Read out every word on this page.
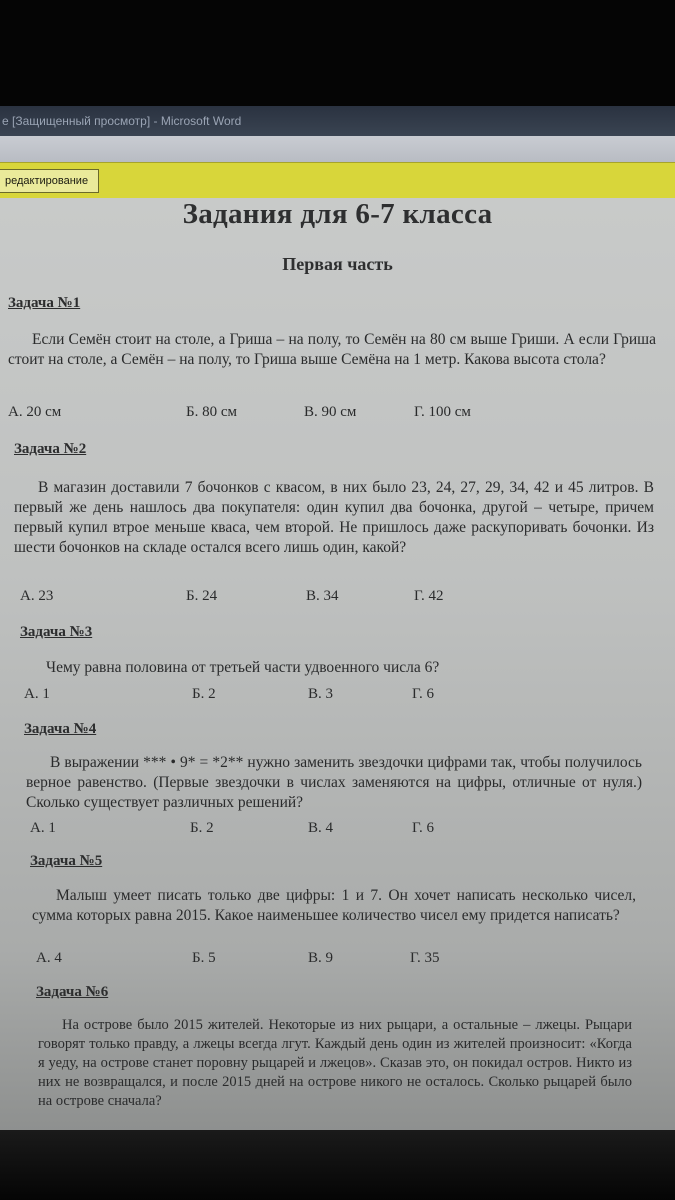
e [Защищенный просмотр] - Microsoft Word
редактирование
Задания для 6-7 класса
Первая часть
Задача №1
Если Семён стоит на столе, а Гриша – на полу, то Семён на 80 см выше Гриши. А если Гриша стоит на столе, а Семён – на полу, то Гриша выше Семёна на 1 метр. Какова высота стола?
А. 20 см	Б. 80 см	В. 90 см	Г. 100 см
Задача №2
В магазин доставили 7 бочонков с квасом, в них было 23, 24, 27, 29, 34, 42 и 45 литров. В первый же день нашлось два покупателя: один купил два бочонка, другой – четыре, причем первый купил втрое меньше кваса, чем второй. Не пришлось даже раскупоривать бочонки. Из шести бочонков на складе остался всего лишь один, какой?
А. 23	Б. 24	В. 34	Г. 42
Задача №3
Чему равна половина от третьей части удвоенного числа 6?
А. 1	Б. 2	В. 3	Г. 6
Задача №4
В выражении *** • 9* = *2** нужно заменить звездочки цифрами так, чтобы получилось верное равенство. (Первые звездочки в числах заменяются на цифры, отличные от нуля.) Сколько существует различных решений?
А. 1	Б. 2	В. 4	Г. 6
Задача №5
Малыш умеет писать только две цифры: 1 и 7. Он хочет написать несколько чисел, сумма которых равна 2015. Какое наименьшее количество чисел ему придется написать?
А. 4	Б. 5	В. 9	Г. 35
Задача №6
На острове было 2015 жителей. Некоторые из них рыцари, а остальные – лжецы. Рыцари говорят только правду, а лжецы всегда лгут. Каждый день один из жителей произносит: «Когда я уеду, на острове станет поровну рыцарей и лжецов». Сказав это, он покидал остров. Никто из них не возвращался, и после 2015 дней на острове никого не осталось. Сколько рыцарей было на острове сначала?
